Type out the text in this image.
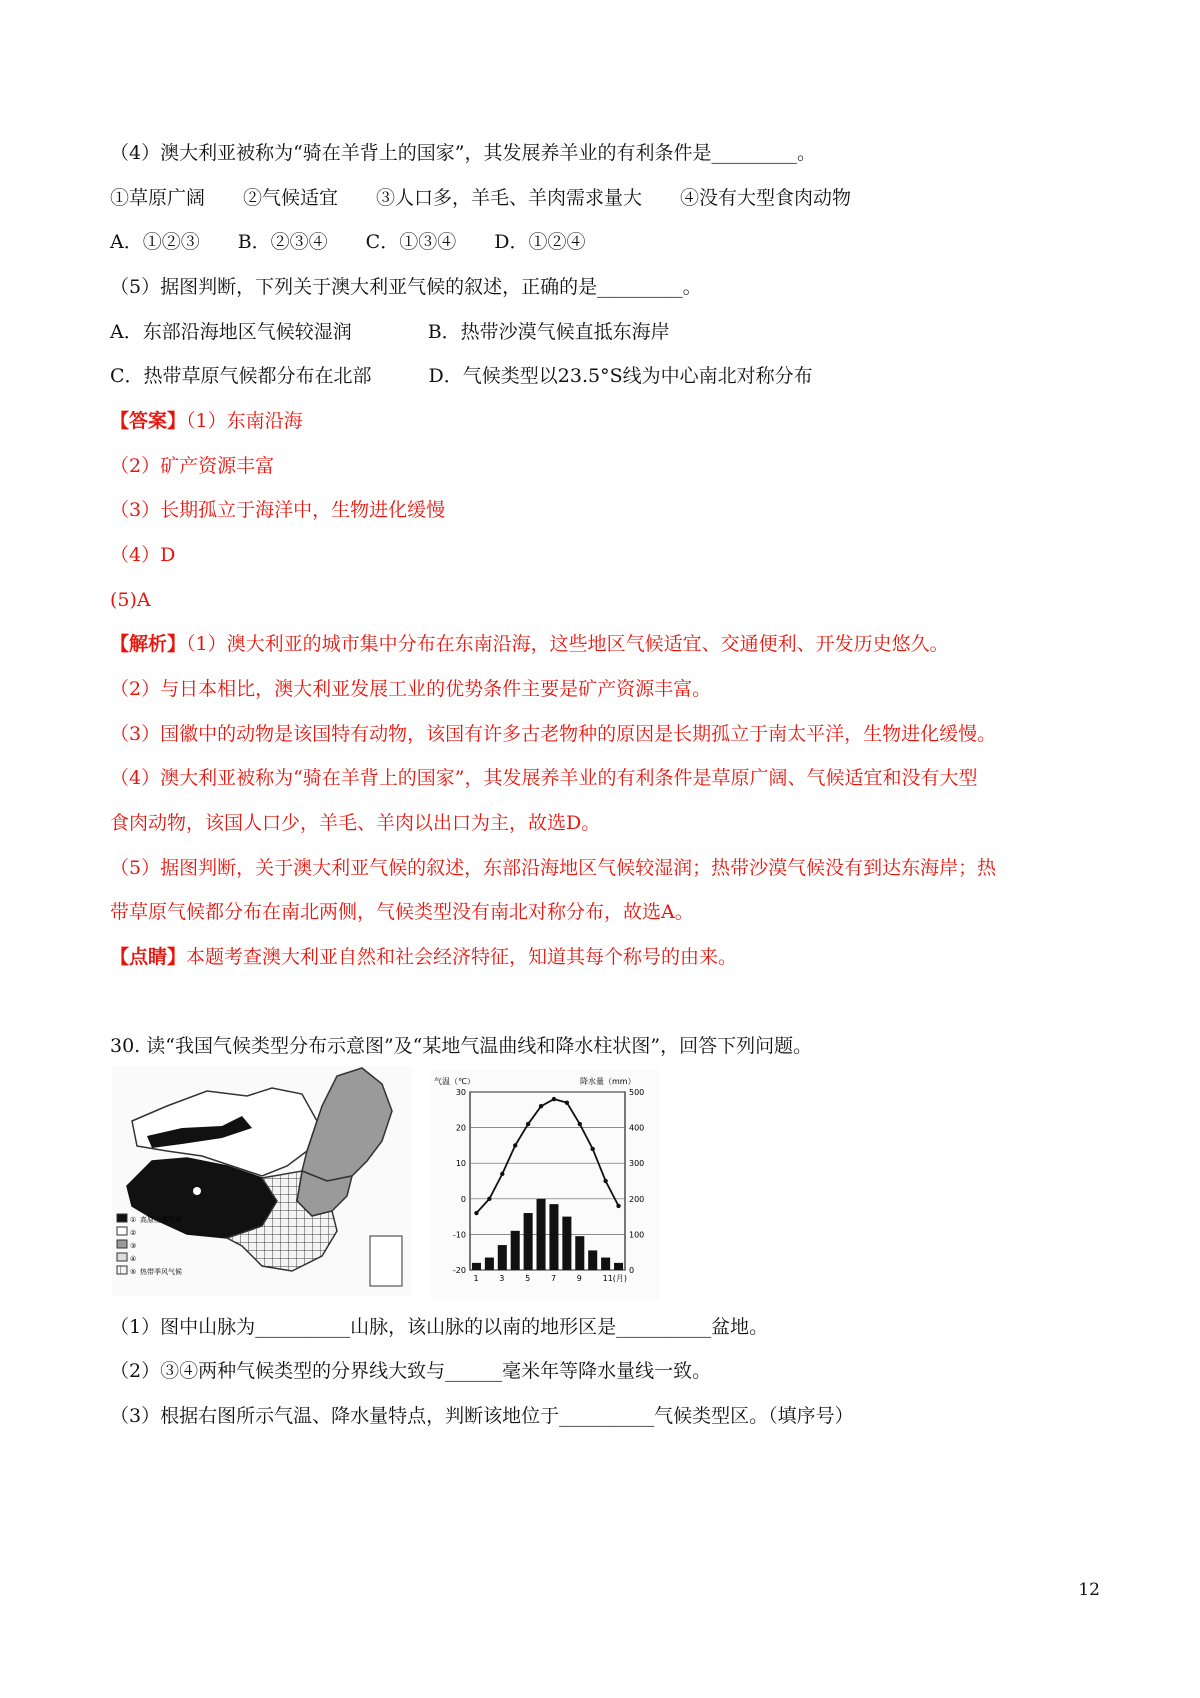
（4）澳大利亚被称为“骑在羊背上的国家”，其发展养羊业的有利条件是_________。
①草原广阔　　②气候适宜　　③人口多，羊毛、羊肉需求量大　　④没有大型食肉动物
A．①②③　　B．②③④　　C．①③④　　D．①②④
（5）据图判断，下列关于澳大利亚气候的叙述，正确的是_________。
A．东部沿海地区气候较湿润　　　　B．热带沙漠气候直抵东海岸
C．热带草原气候都分布在北部　　　D．气候类型以23.5°S线为中心南北对称分布
【答案】（1）东南沿海
（2）矿产资源丰富
（3）长期孤立于海洋中，生物进化缓慢
（4）D
(5)A
【解析】（1）澳大利亚的城市集中分布在东南沿海，这些地区气候适宜、交通便利、开发历史悠久。
（2）与日本相比，澳大利亚发展工业的优势条件主要是矿产资源丰富。
（3）国徽中的动物是该国特有动物，该国有许多古老物种的原因是长期孤立于南太平洋，生物进化缓慢。
（4）澳大利亚被称为“骑在羊背上的国家”，其发展养羊业的有利条件是草原广阔、气候适宜和没有大型
食肉动物，该国人口少，羊毛、羊肉以出口为主，故选D。
（5）据图判断，关于澳大利亚气候的叙述，东部沿海地区气候较湿润；热带沙漠气候没有到达东海岸；热
带草原气候都分布在南北两侧，气候类型没有南北对称分布，故选A。
【点睛】本题考查澳大利亚自然和社会经济特征，知道其每个称号的由来。
30. 读“我国气候类型分布示意图”及“某地气温曲线和降水柱状图”，回答下列问题。
①
②
③
④
⑤
高原山地气候
热带季风气候
气温（℃）	降水量（mm）
30
20
10
0
-10
-20
500
400
300
200
100
0
1	3	5	7	9	11(月)
（1）图中山脉为__________山脉，该山脉的以南的地形区是__________盆地。
（2）③④两种气候类型的分界线大致与______毫米年等降水量线一致。
（3）根据右图所示气温、降水量特点，判断该地位于__________气候类型区。（填序号）
12
